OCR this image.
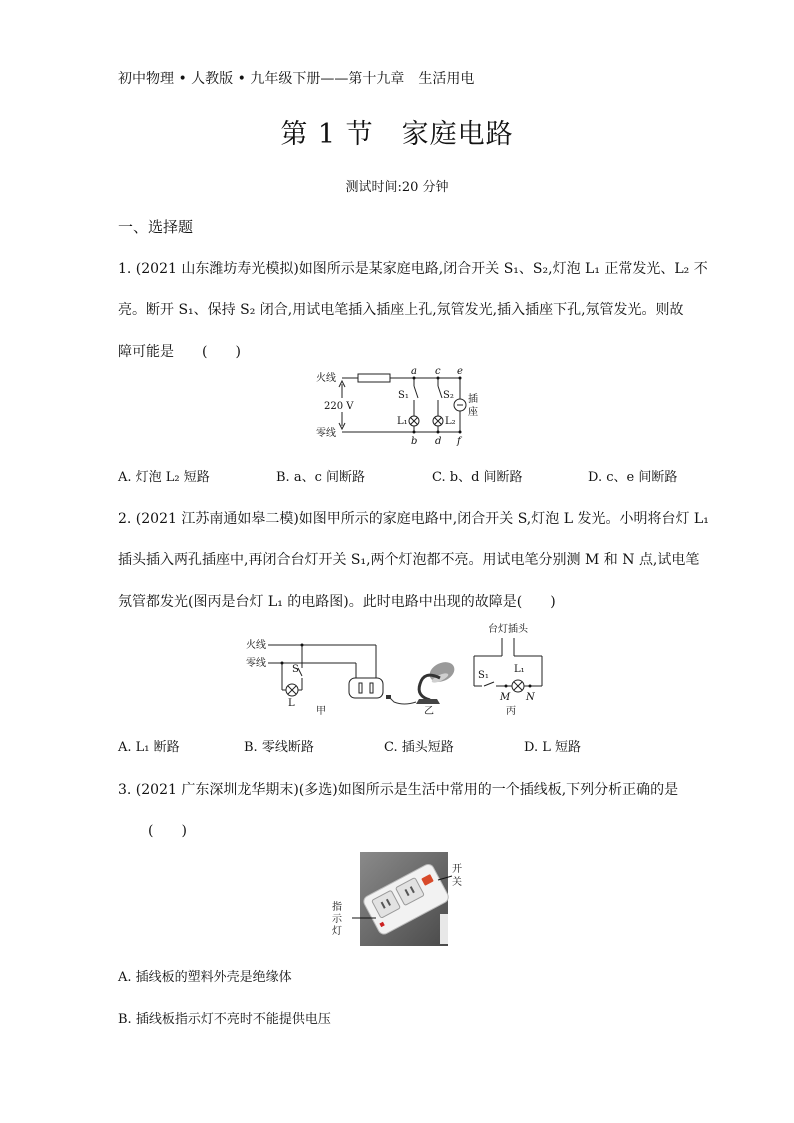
初中物理 • 人教版 • 九年级下册——第十九章　生活用电
第 1 节　家庭电路
测试时间:20 分钟
一、选择题
1. (2021 山东潍坊寿光模拟)如图所示是某家庭电路,闭合开关 S₁、S₂,灯泡 L₁ 正常发光、L₂ 不
亮。断开 S₁、保持 S₂ 闭合,用试电笔插入插座上孔,氖管发光,插入插座下孔,氖管发光。则故
障可能是　　(　　)
火线
220 V
零线
a c e
b d f
S₁	S₂
L₁	L₂
插
座
A. 灯泡 L₂ 短路	B. a、c 间断路	C. b、d 间断路	D. c、e 间断路
2. (2021 江苏南通如皋二模)如图甲所示的家庭电路中,闭合开关 S,灯泡 L 发光。小明将台灯 L₁
插头插入两孔插座中,再闭合台灯开关 S₁,两个灯泡都不亮。用试电笔分别测 M 和 N 点,试电笔
氖管都发光(图丙是台灯 L₁ 的电路图)。此时电路中出现的故障是(　　)
火线
零线
S
L
甲	乙
台灯插头
S₁
L₁
M N
丙
A. L₁ 断路	B. 零线断路	C. 插头短路	D. L 短路
3. (2021 广东深圳龙华期末)(多选)如图所示是生活中常用的一个插线板,下列分析正确的是
(　　)
开
关
指
示
灯
A. 插线板的塑料外壳是绝缘体
B. 插线板指示灯不亮时不能提供电压
